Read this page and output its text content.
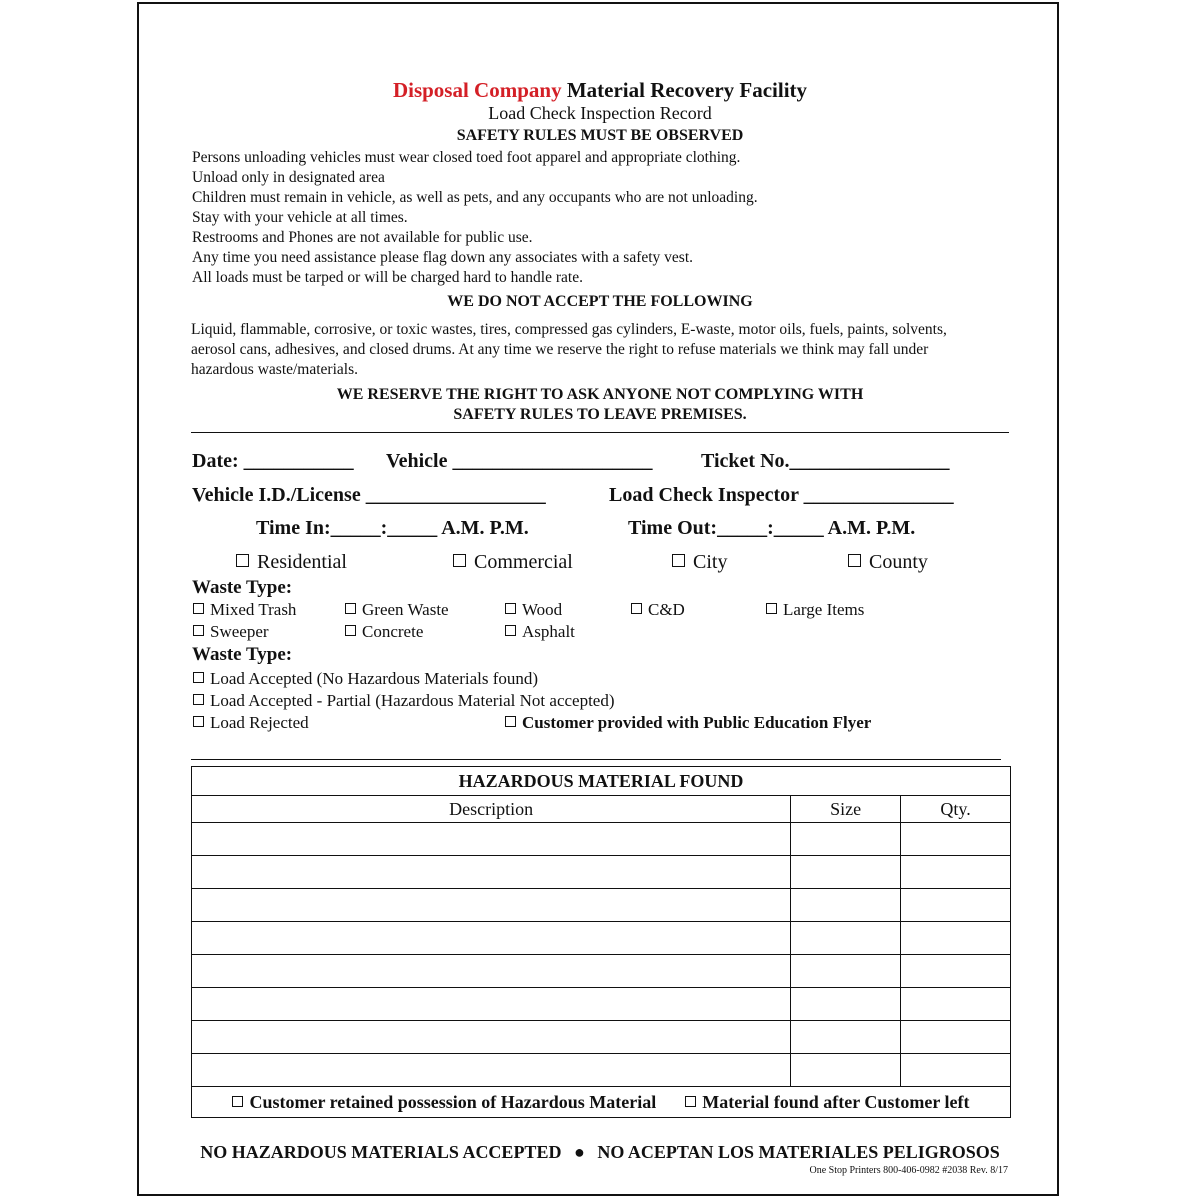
Disposal Company Material Recovery Facility
Load Check Inspection Record
SAFETY RULES MUST BE OBSERVED
Persons unloading vehicles must wear closed toed foot apparel and appropriate clothing.
Unload only in designated area
Children must remain in vehicle, as well as pets, and any occupants who are not unloading.
Stay with your vehicle at all times.
Restrooms and Phones are not available for public use.
Any time you need assistance please flag down any associates with a safety vest.
All loads must be tarped or will be charged hard to handle rate.
WE DO NOT ACCEPT THE FOLLOWING
Liquid, flammable, corrosive, or toxic wastes, tires, compressed gas cylinders, E-waste, motor oils, fuels, paints, solvents,
aerosol cans, adhesives, and closed drums. At any time we reserve the right to refuse materials we think may fall under
hazardous waste/materials.
WE RESERVE THE RIGHT TO ASK ANYONE NOT COMPLYING WITH
SAFETY RULES TO LEAVE PREMISES.
Date: ___________ Vehicle ____________________ Ticket No.________________
Vehicle I.D./License __________________	Load Check Inspector _______________
Time In:_____:_____ A.M. P.M.	Time Out:_____:_____ A.M. P.M.
Residential	Commercial	City	County
Waste Type:
Mixed Trash	Green Waste	Wood	C&D	Large Items
Sweeper	Concrete	Asphalt
Waste Type:
Load Accepted (No Hazardous Materials found)
Load Accepted - Partial (Hazardous Material Not accepted)
Load Rejected	Customer provided with Public Education Flyer
HAZARDOUS MATERIAL FOUND		
Description	Size	Qty.

Customer retained possession of Hazardous Material Material found after Customer left		
NO HAZARDOUS MATERIALS ACCEPTED ● NO ACEPTAN LOS MATERIALES PELIGROSOS
One Stop Printers 800-406-0982 #2038 Rev. 8/17
